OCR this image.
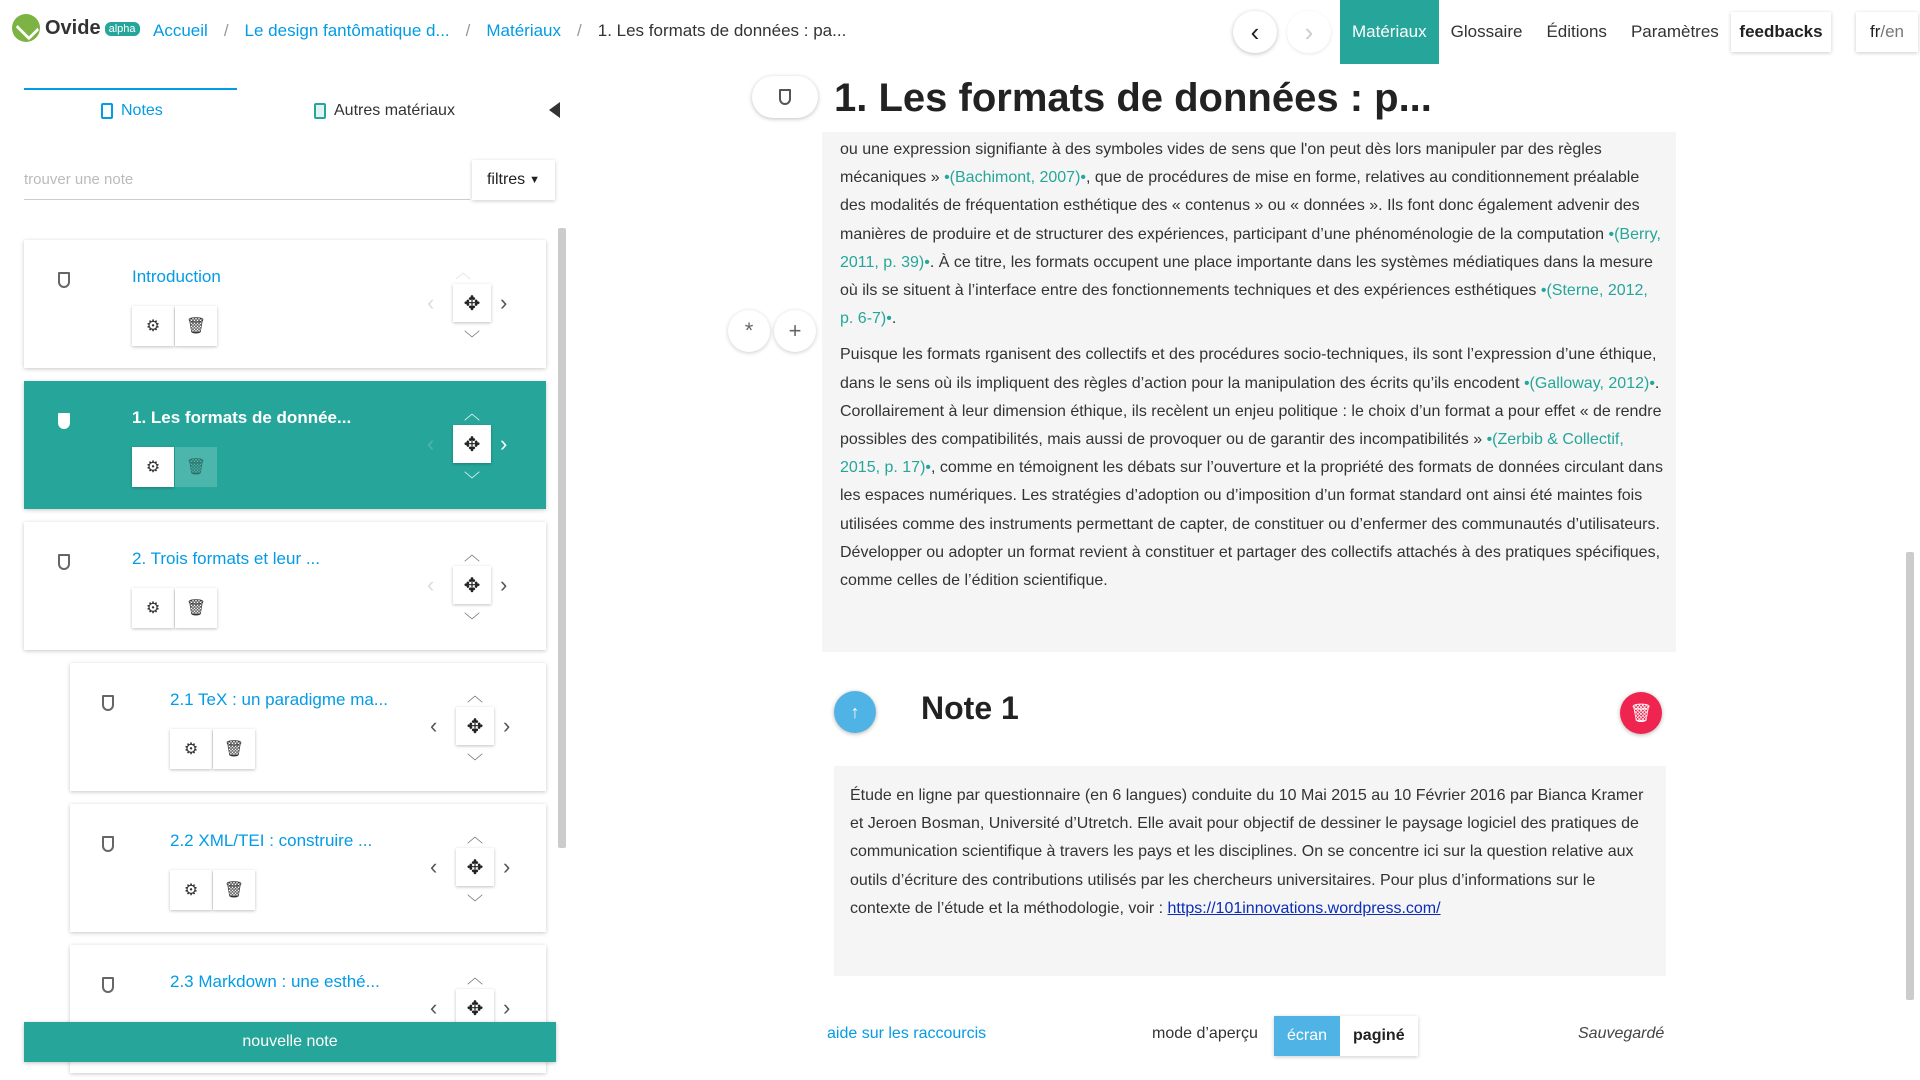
Ovide alpha Accueil / Le design fantômatique d... / Matériaux / 1. Les formats de données : pa...	‹	›	Matériaux	Glossaire	Éditions	Paramètres	feedbacks	fr / en
Notes	Autres matériaux
trouver une note
filtres ▼
Introduction
⚙	🗑
︿
‹	✥ ›
﹀
1. Les formats de donnée...
⚙	🗑
︿
‹	✥ ›
﹀
2. Trois formats et leur ...
⚙	🗑
︿
‹	✥ ›
﹀
2.1 TeX : un paradigme ma...
⚙	🗑
︿
‹	✥ ›
﹀
2.2 XML/TEI : construire ...
⚙	🗑
︿
‹	✥ ›
﹀
2.3 Markdown : une esthé...	︿
‹	✥ ›
nouvelle note
1. Les formats de données : p...
*	+

ou une expression signifiante à des symboles vides de sens que l'on peut dès lors manipuler par des règles mécaniques » •(Bachimont, 2007)•, que de procédures de mise en forme, relatives au conditionnement préalable des modalités de fréquentation esthétique des « contenus » ou « données ». Ils font donc également advenir des manières de produire et de structurer des expériences, participant d’une phénoménologie de la computation •(Berry, 2011, p. 39)•. À ce titre, les formats occupent une place importante dans les systèmes médiatiques dans la mesure où ils se situent à l’interface entre des fonctionnements techniques et des expériences esthétiques •(Sterne, 2012, p. 6-7)•.

Puisque les formats rganisent des collectifs et des procédures socio-techniques, ils sont l’expression d’une éthique, dans le sens où ils impliquent des règles d’action pour la manipulation des écrits qu’ils encodent •(Galloway, 2012)•. Corollairement à leur dimension éthique, ils recèlent un enjeu politique : le choix d’un format a pour effet « de rendre possibles des compatibilités, mais aussi de provoquer ou de garantir des incompatibilités » •(Zerbib & Collectif, 2015, p. 17)•, comme en témoignent les débats sur l’ouverture et la propriété des formats de données circulant dans les espaces numériques. Les stratégies d’adoption ou d’imposition d’un format standard ont ainsi été maintes fois utilisées comme des instruments permettant de capter, de constituer ou d’enfermer des communautés d’utilisateurs. Développer ou adopter un format revient à constituer et partager des collectifs attachés à des pratiques spécifiques, comme celles de l’édition scientifique.

↑	Note 1	🗑
Étude en ligne par questionnaire (en 6 langues) conduite du 10 Mai 2015 au 10 Février 2016 par Bianca Kramer et Jeroen Bosman, Université d’Utretch. Elle avait pour objectif de dessiner le paysage logiciel des pratiques de communication scientifique à travers les pays et les disciplines. On se concentre ici sur la question relative aux outils d’écriture des contributions utilisés par les chercheurs universitaires. Pour plus d’informations sur le contexte de l’étude et la méthodologie, voir : https://101innovations.wordpress.com/
aide sur les raccourcis	mode d’aperçu	écran	paginé	Sauvegardé
